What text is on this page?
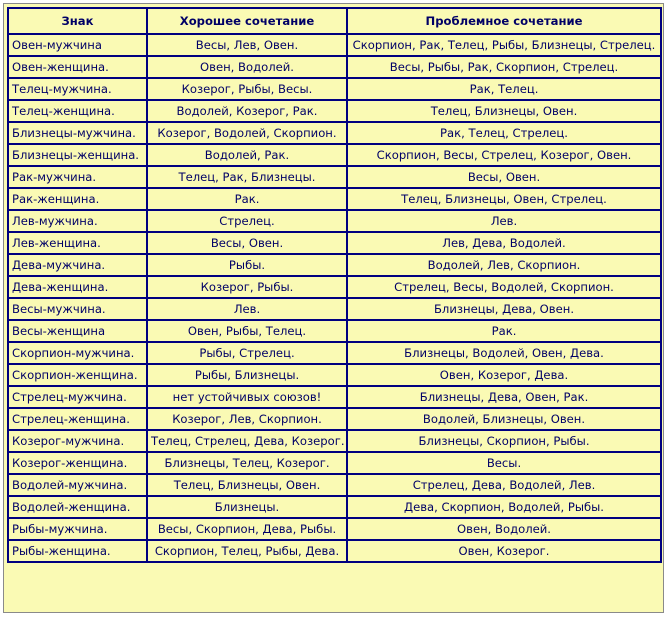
Знак	Хорошее сочетание	Проблемное сочетание
Овен-мужчина	Весы, Лев, Овен.	Скорпион, Рак, Телец, Рыбы, Близнецы, Стрелец.
Овен-женщина.	Овен, Водолей.	Весы, Рыбы, Рак, Скорпион, Стрелец.
Телец-мужчина.	Козерог, Рыбы, Весы.	Рак, Телец.
Телец-женщина.	Водолей, Козерог, Рак.	Телец, Близнецы, Овен.
Близнецы-мужчина.	Козерог, Водолей, Скорпион.	Рак, Телец, Стрелец.
Близнецы-женщина.	Водолей, Рак.	Скорпион, Весы, Стрелец, Козерог, Овен.
Рак-мужчина.	Телец, Рак, Близнецы.	Весы, Овен.
Рак-женщина.	Рак.	Телец, Близнецы, Овен, Стрелец.
Лев-мужчина.	Стрелец.	Лев.
Лев-женщина.	Весы, Овен.	Лев, Дева, Водолей.
Дева-мужчина.	Рыбы.	Водолей, Лев, Скорпион.
Дева-женщина.	Козерог, Рыбы.	Стрелец, Весы, Водолей, Скорпион.
Весы-мужчина.	Лев.	Близнецы, Дева, Овен.
Весы-женщина	Овен, Рыбы, Телец.	Рак.
Скорпион-мужчина.	Рыбы, Стрелец.	Близнецы, Водолей, Овен, Дева.
Скорпион-женщина.	Рыбы, Близнецы.	Овен, Козерог, Дева.
Стрелец-мужчина.	нет устойчивых союзов!	Близнецы, Дева, Овен, Рак.
Стрелец-женщина.	Козерог, Лев, Скорпион.	Водолей, Близнецы, Овен.
Козерог-мужчина.	Телец, Стрелец, Дева, Козерог.	Близнецы, Скорпион, Рыбы.
Козерог-женщина.	Близнецы, Телец, Козерог.	Весы.
Водолей-мужчина.	Телец, Близнецы, Овен.	Стрелец, Дева, Водолей, Лев.
Водолей-женщина.	Близнецы.	Дева, Скорпион, Водолей, Рыбы.
Рыбы-мужчина.	Весы, Скорпион, Дева, Рыбы.	Овен, Водолей.
Рыбы-женщина.	Скорпион, Телец, Рыбы, Дева.	Овен, Козерог.
